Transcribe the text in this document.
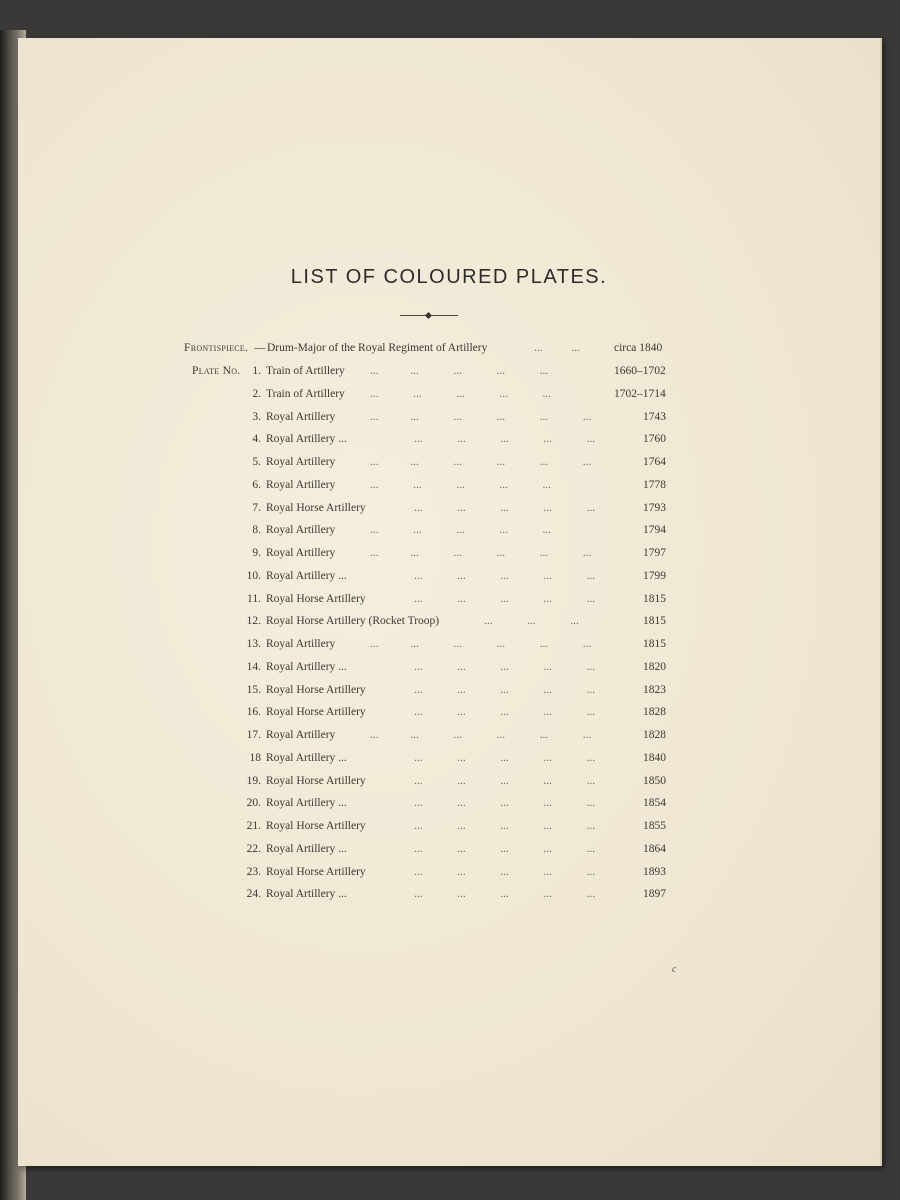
LIST OF COLOURED PLATES.
Frontispiece. — Drum-Major of the Royal Regiment of Artillery	...          ...	circa 1840
Plate No.	1. Train of Artillery ...           ...            ...            ...            ...	1660–1702
2. Train of Artillery ...            ...            ...            ...            ...	1702–1714
3. Royal Artillery	...           ...            ...            ...            ...            ...	1743
4. Royal Artillery ...	...            ...            ...            ...            ...	1760
5. Royal Artillery	...           ...            ...            ...            ...            ...	1764
6. Royal Artillery	...            ...            ...            ...            ...	1778
7. Royal Horse Artillery	...            ...            ...            ...            ...	1793
8. Royal Artillery	...            ...            ...            ...            ...	1794
9. Royal Artillery	...           ...            ...            ...            ...            ...	1797
10. Royal Artillery ...	...            ...            ...            ...            ...	1799
11. Royal Horse Artillery	...            ...            ...            ...            ...	1815
12. Royal Horse Artillery (Rocket Troop)	...            ...            ...	1815
13. Royal Artillery	...           ...            ...            ...            ...            ...	1815
14. Royal Artillery ...	...            ...            ...            ...            ...	1820
15. Royal Horse Artillery	...            ...            ...            ...            ...	1823
16. Royal Horse Artillery	...            ...            ...            ...            ...	1828
17. Royal Artillery	...           ...            ...            ...            ...            ...	1828
18 Royal Artillery ...	...            ...            ...            ...            ...	1840
19. Royal Horse Artillery	...            ...            ...            ...            ...	1850
20. Royal Artillery ...	...            ...            ...            ...            ...	1854
21. Royal Horse Artillery	...            ...            ...            ...            ...	1855
22. Royal Artillery ...	...            ...            ...            ...            ...	1864
23. Royal Horse Artillery	...            ...            ...            ...            ...	1893
24. Royal Artillery ...	...            ...            ...            ...            ...	1897
c
